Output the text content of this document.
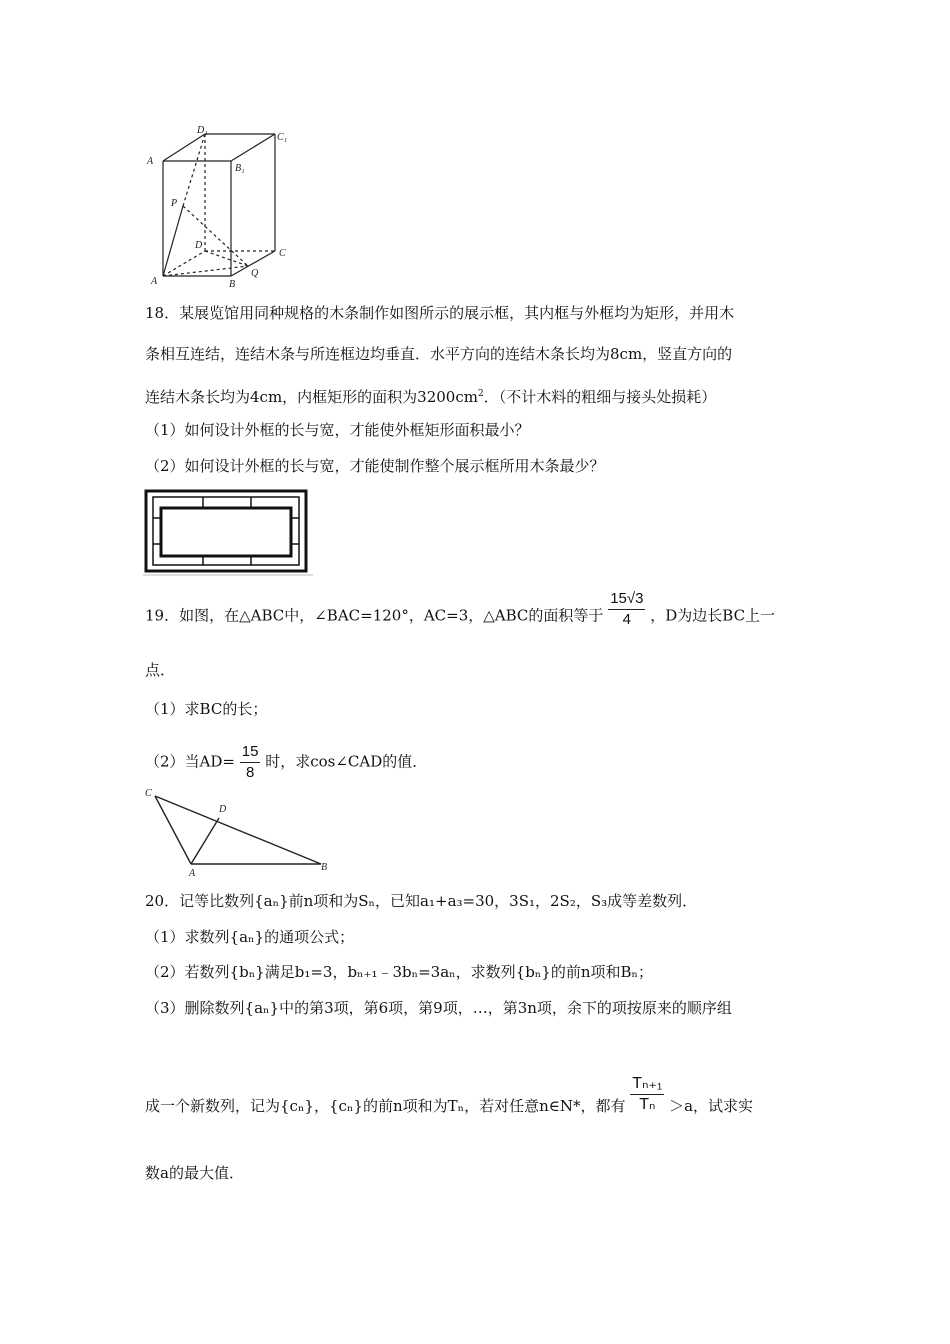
A
D₁
C₁
B₁
P
D
C
A	B
Q
18．某展览馆用同种规格的木条制作如图所示的展示框，其内框与外框均为矩形，并用木
条相互连结，连结木条与所连框边均垂直．水平方向的连结木条长均为8cm，竖直方向的
连结木条长均为4cm，内框矩形的面积为$3200cm^2$．（不计木料的粗细与接头处损耗）
（1）如何设计外框的长与宽，才能使外框矩形面积最小？
（2）如何设计外框的长与宽，才能使制作整个展示框所用木条最少？
19．如图，在△ABC中，∠BAC=120°，AC=3，△ABC的面积等于 $\frac{15√3}{4}$ ，D为边长BC上一
点．
（1）求BC的长；
（2）当$AD= \frac{15}{8}$ 时，求cos∠CAD的值．
C
D
A
B
20．记等比数列{aₙ}前n项和为Sₙ，已知a₁+a₃=30，3S₁，2S₂，S₃成等差数列．
（1）求数列{aₙ}的通项公式；
（2）若数列{bₙ}满足b₁=3，bₙ₊₁﹣3bₙ=3aₙ，求数列{bₙ}的前n项和Bₙ；
（3）删除数列{aₙ}中的第3项，第6项，第9项，…，第3n项，余下的项按原来的顺序组
成一个新数列，记为{cₙ}，{cₙ}的前n项和为Tₙ，若对任意n∈N*，都有 $\frac{\text{Tₙ₊₁}}{\text{Tₙ}} >a$，试求实
数a的最大值．
